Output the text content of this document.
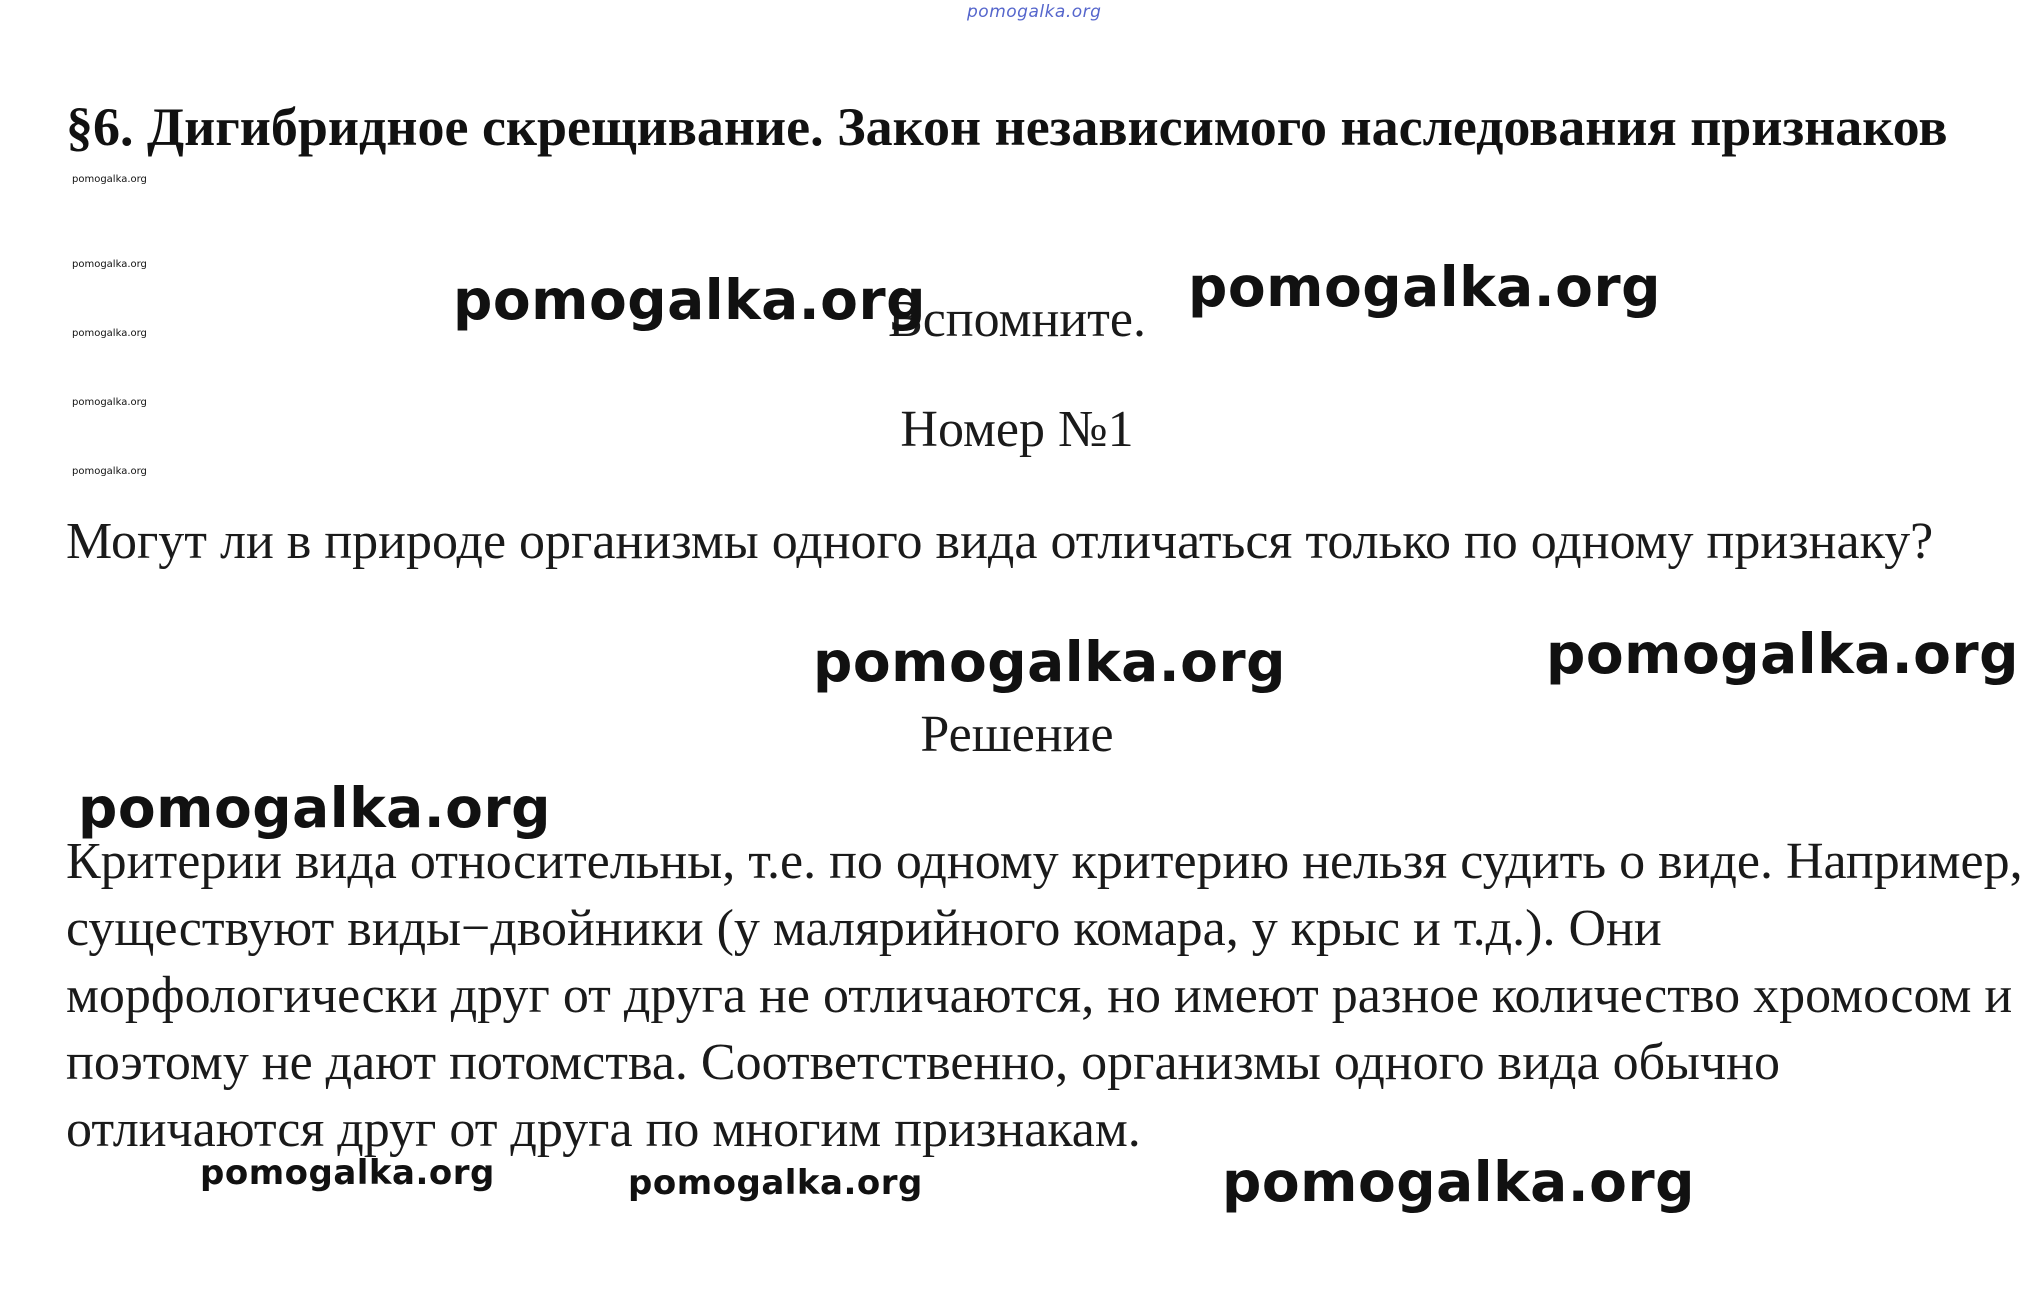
pomogalka.org
§6. Дигибридное скрещивание. Закон независимого наследования признаков
pomogalka.org
pomogalka.org
pomogalka.org
pomogalka.org
pomogalka.org

Вспомните.

Номер №1

Могут ли в природе организмы одного вида отличаться только по одному признаку?

Решение

Критерии вида относительны, т.е. по одному критерию нельзя судить о виде. Например, существуют виды−двойники (у малярийного комара, у крыс и т.д.). Они морфологически друг от друга не отличаются, но имеют разное количество хромосом и поэтому не дают потомства. Соответственно, организмы одного вида обычно отличаются друг от друга по многим признакам.

pomogalka.org	pomogalka.org
pomogalka.org	pomogalka.org
pomogalka.org
pomogalka.org
pomogalka.org	pomogalka.org
